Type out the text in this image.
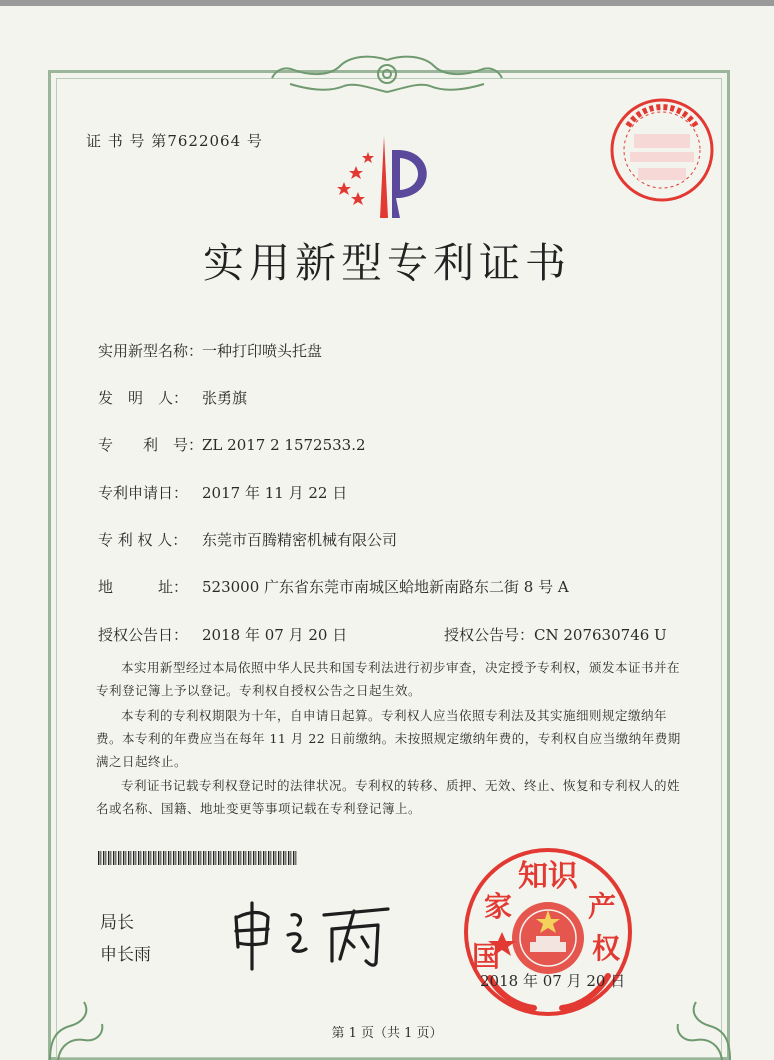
证 书 号 第7622064 号
实用新型专利证书
实用新型名称：一种打印喷头托盘
发　明　人： 张勇旗
专　　利　号：ZL 2017 2 1572533.2
专利申请日： 2017 年 11 月 22 日
专 利 权 人： 东莞市百腾精密机械有限公司
地　　　址： 523000 广东省东莞市南城区蛤地新南路东二街 8 号 A
授权公告日： 2018 年 07 月 20 日	授权公告号：CN 207630746 U
本实用新型经过本局依照中华人民共和国专利法进行初步审查，决定授予专利权，颁发本证书并在专利登记簿上予以登记。专利权自授权公告之日起生效。
本专利的专利权期限为十年，自申请日起算。专利权人应当依照专利法及其实施细则规定缴纳年费。本专利的年费应当在每年 11 月 22 日前缴纳。未按照规定缴纳年费的，专利权自应当缴纳年费期满之日起终止。
专利证书记载专利权登记时的法律状况。专利权的转移、质押、无效、终止、恢复和专利权人的姓名或名称、国籍、地址变更等事项记载在专利登记簿上。
局长
申长雨
知识
家	产
权
国
2018 年 07 月 20 日
第 1 页（共 1 页）
